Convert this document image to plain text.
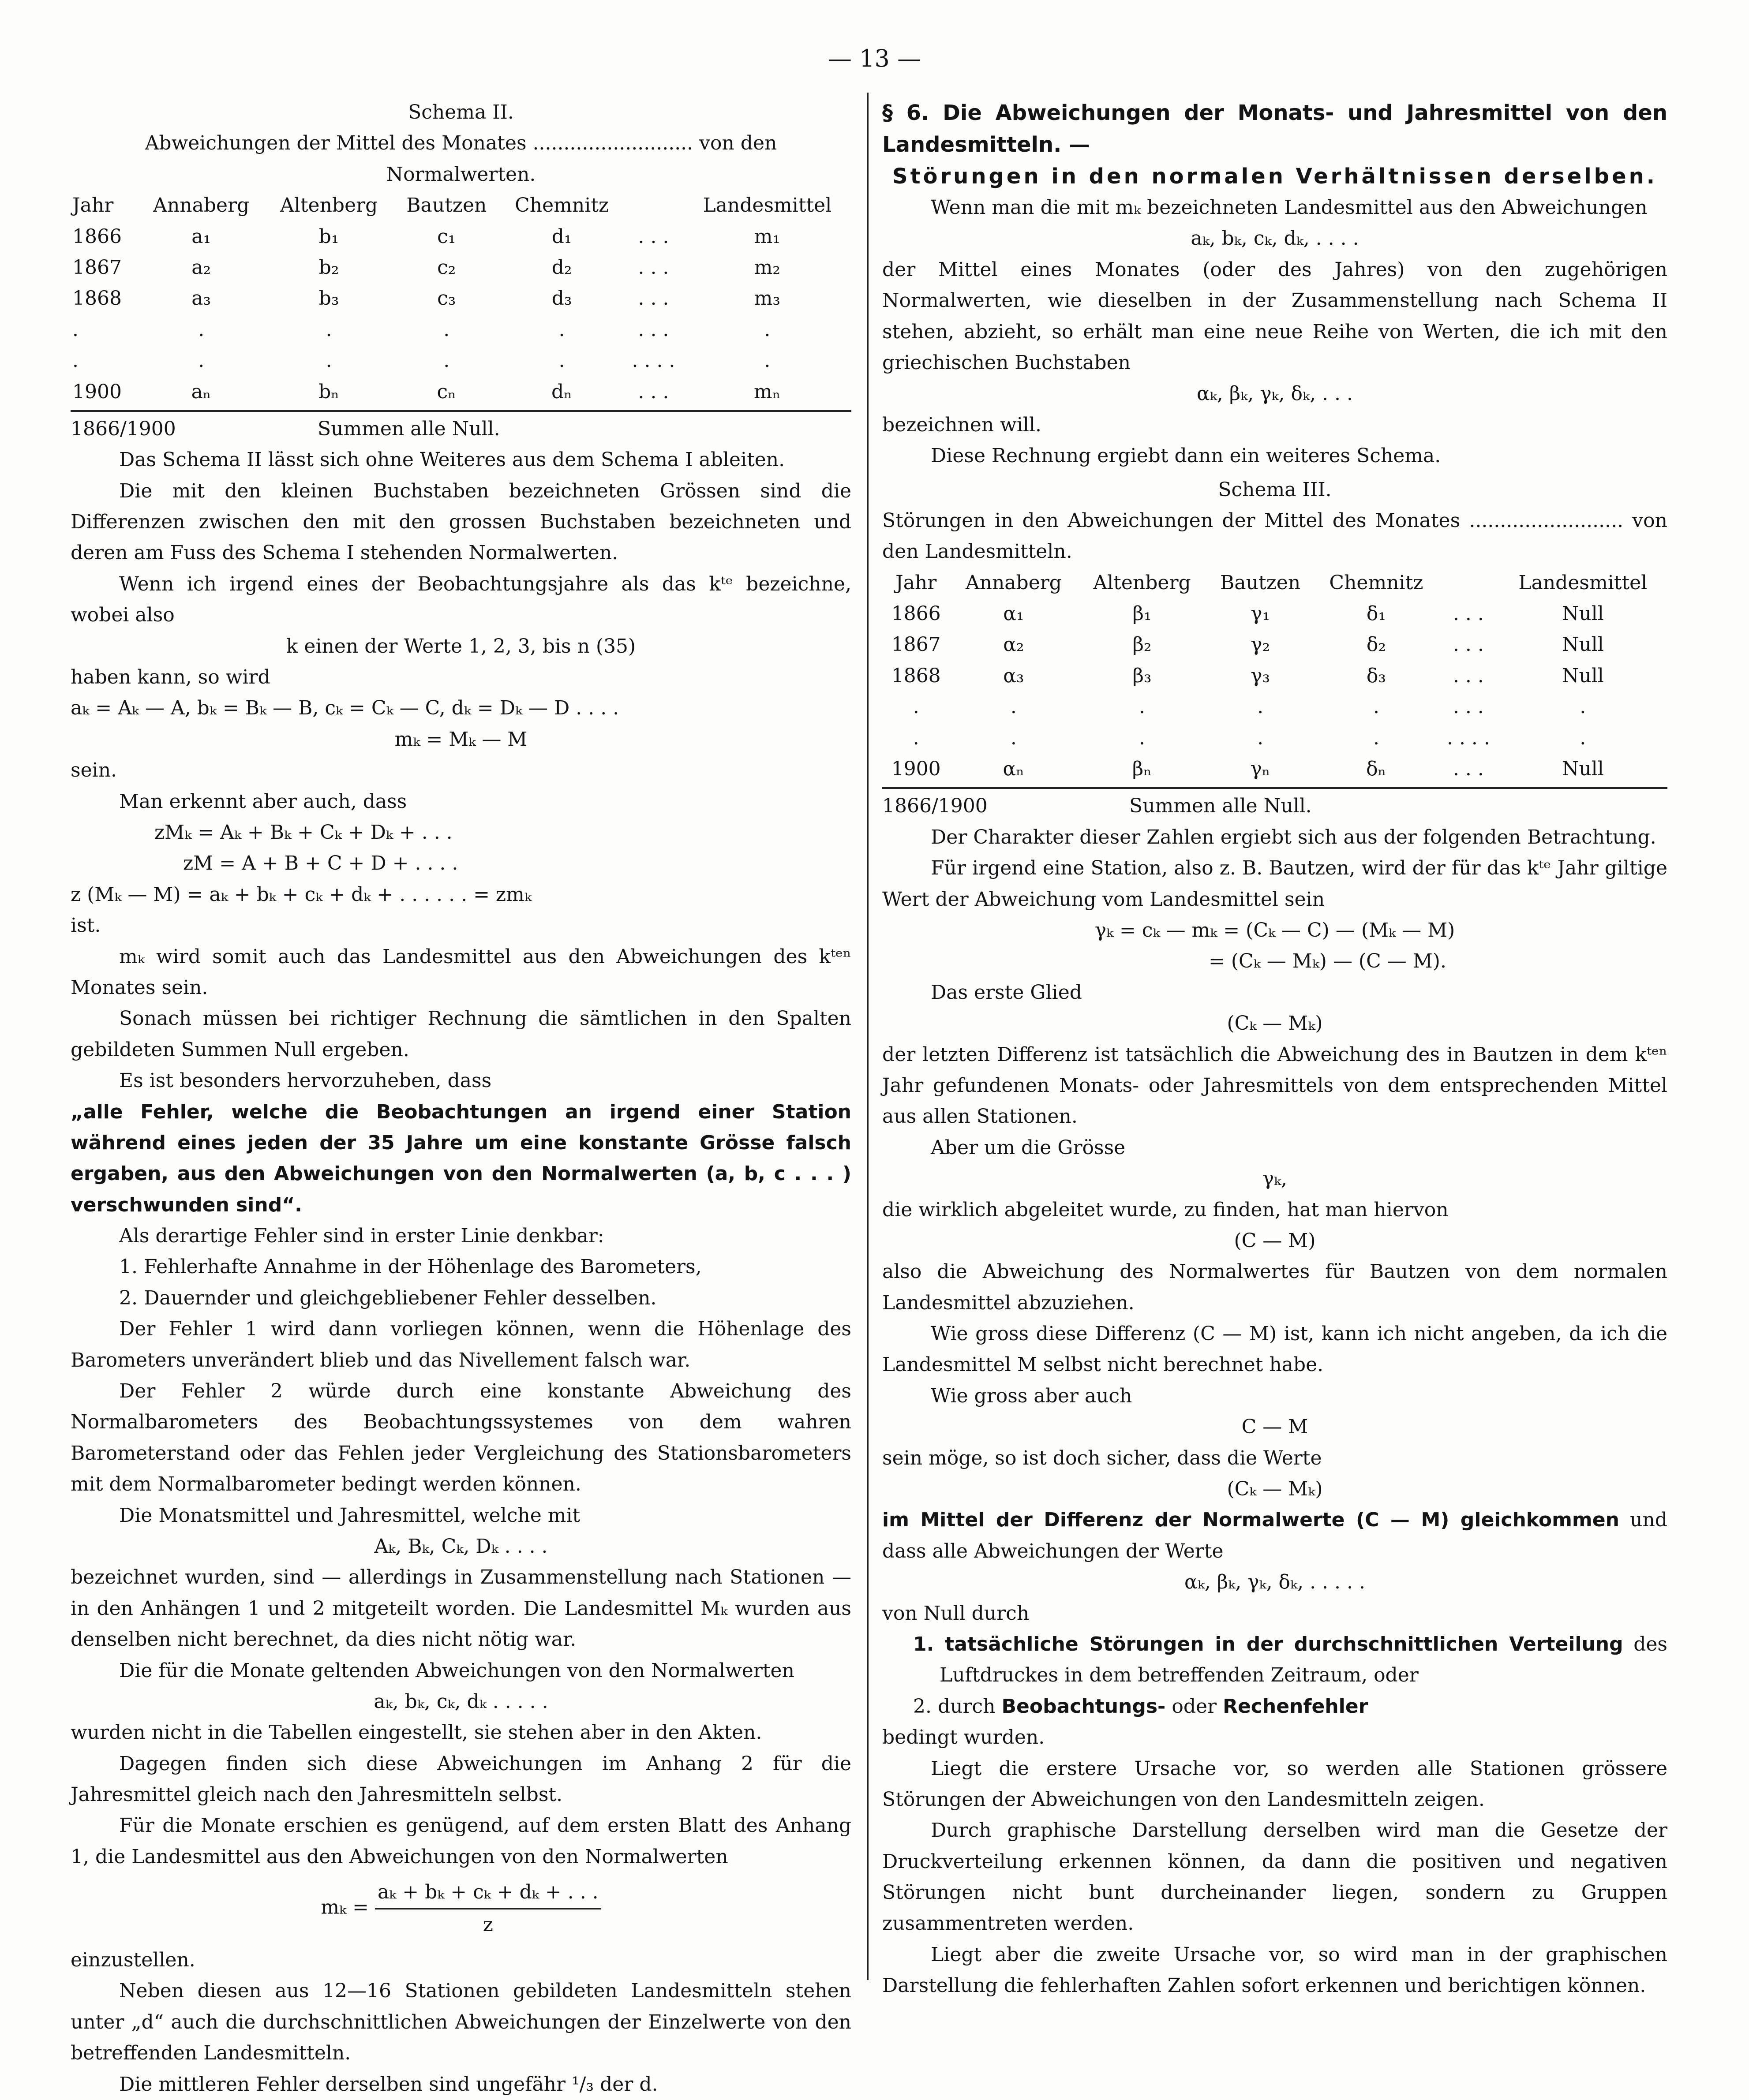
— 13 —

Schema II.

Abweichungen der Mittel des Monates .......................... von den Normalwerten.

Jahr	Annaberg	Altenberg	Bautzen	Chemnitz		Landesmittel
1866	a₁	b₁	c₁	d₁	. . .	m₁
1867	a₂	b₂	c₂	d₂	. . .	m₂
1868	a₃	b₃	c₃	d₃	. . .	m₃
.	.	.	.	.	. . .	.
.	.	.	.	.	. . . .	.
1900	aₙ	bₙ	cₙ	dₙ	. . .	mₙ
1866/1900	Summen alle Null.

Das Schema II lässt sich ohne Weiteres aus dem Schema I ableiten.

Die mit den kleinen Buchstaben bezeichneten Grössen sind die Differenzen zwischen den mit den grossen Buchstaben bezeichneten und deren am Fuss des Schema I stehenden Normalwerten.

Wenn ich irgend eines der Beobachtungsjahre als das kᵗᵉ bezeichne, wobei also

k einen der Werte 1, 2, 3, bis n (35)

haben kann, so wird

aₖ = Aₖ — A, bₖ = Bₖ — B, cₖ = Cₖ — C, dₖ = Dₖ — D . . . .

mₖ = Mₖ — M

sein.

Man erkennt aber auch, dass

zMₖ = Aₖ + Bₖ + Cₖ + Dₖ + . . .

zM = A + B + C + D + . . . .

z (Mₖ — M) = aₖ + bₖ + cₖ + dₖ + . . . . . . = zmₖ

ist.

mₖ wird somit auch das Landesmittel aus den Abweichungen des kᵗᵉⁿ Monates sein.

Sonach müssen bei richtiger Rechnung die sämtlichen in den Spalten gebildeten Summen Null ergeben.

Es ist besonders hervorzuheben, dass

„alle Fehler, welche die Beobachtungen an irgend einer Station während eines jeden der 35 Jahre um eine konstante Grösse falsch ergaben, aus den Abweichungen von den Normalwerten (a, b, c . . . ) verschwunden sind“.

Als derartige Fehler sind in erster Linie denkbar:

1. Fehlerhafte Annahme in der Höhenlage des Barometers,

2. Dauernder und gleichgebliebener Fehler desselben.

Der Fehler 1 wird dann vorliegen können, wenn die Höhenlage des Barometers unverändert blieb und das Nivellement falsch war.

Der Fehler 2 würde durch eine konstante Abweichung des Normalbarometers des Beobachtungssystemes von dem wahren Barometerstand oder das Fehlen jeder Vergleichung des Stationsbarometers mit dem Normalbarometer bedingt werden können.

Die Monatsmittel und Jahresmittel, welche mit

Aₖ, Bₖ, Cₖ, Dₖ . . . .

bezeichnet wurden, sind — allerdings in Zusammenstellung nach Stationen — in den Anhängen 1 und 2 mitgeteilt worden. Die Landesmittel Mₖ wurden aus denselben nicht berechnet, da dies nicht nötig war.

Die für die Monate geltenden Abweichungen von den Normalwerten

aₖ, bₖ, cₖ, dₖ . . . . .

wurden nicht in die Tabellen eingestellt, sie stehen aber in den Akten.

Dagegen finden sich diese Abweichungen im Anhang 2 für die Jahresmittel gleich nach den Jahresmitteln selbst.

Für die Monate erschien es genügend, auf dem ersten Blatt des Anhang 1, die Landesmittel aus den Abweichungen von den Normalwerten

$m_k = \frac{\text{aₖ + bₖ + cₖ + dₖ + . . .}}{z}$

einzustellen.

Neben diesen aus 12—16 Stationen gebildeten Landesmitteln stehen unter „d“ auch die durchschnittlichen Abweichungen der Einzelwerte von den betreffenden Landesmitteln.

Die mittleren Fehler derselben sind ungefähr ¹/₃ der d.

§ 6. Die Abweichungen der Monats- und Jahresmittel von den Landesmitteln. —

Störungen in den normalen Verhältnissen derselben.

Wenn man die mit mₖ bezeichneten Landesmittel aus den Abweichungen

aₖ, bₖ, cₖ, dₖ, . . . .

der Mittel eines Monates (oder des Jahres) von den zugehörigen Normalwerten, wie dieselben in der Zusammenstellung nach Schema II stehen, abzieht, so erhält man eine neue Reihe von Werten, die ich mit den griechischen Buchstaben

αₖ, βₖ, γₖ, δₖ, . . .

bezeichnen will.

Diese Rechnung ergiebt dann ein weiteres Schema.

Schema III.

Störungen in den Abweichungen der Mittel des Monates ......................... von den Landesmitteln.

Jahr	Annaberg	Altenberg	Bautzen	Chemnitz		Landesmittel
1866	α₁	β₁	γ₁	δ₁	. . .	Null
1867	α₂	β₂	γ₂	δ₂	. . .	Null
1868	α₃	β₃	γ₃	δ₃	. . .	Null
.	.	.	.	.	. . .	.
.	.	.	.	.	. . . .	.
1900	αₙ	βₙ	γₙ	δₙ	. . .	Null
1866/1900	Summen alle Null.

Der Charakter dieser Zahlen ergiebt sich aus der folgenden Betrachtung.

Für irgend eine Station, also z. B. Bautzen, wird der für das kᵗᵉ Jahr giltige Wert der Abweichung vom Landesmittel sein

γₖ = cₖ — mₖ = (Cₖ — C) — (Mₖ — M)

= (Cₖ — Mₖ) — (C — M).

Das erste Glied

(Cₖ — Mₖ)

der letzten Differenz ist tatsächlich die Abweichung des in Bautzen in dem kᵗᵉⁿ Jahr gefundenen Monats- oder Jahresmittels von dem entsprechenden Mittel aus allen Stationen.

Aber um die Grösse

γₖ,

die wirklich abgeleitet wurde, zu finden, hat man hiervon

(C — M)

also die Abweichung des Normalwertes für Bautzen von dem normalen Landesmittel abzuziehen.

Wie gross diese Differenz (C — M) ist, kann ich nicht angeben, da ich die Landesmittel M selbst nicht berechnet habe.

Wie gross aber auch

C — M

sein möge, so ist doch sicher, dass die Werte

(Cₖ — Mₖ)

im Mittel der Differenz der Normalwerte (C — M) gleichkommen und dass alle Abweichungen der Werte

αₖ, βₖ, γₖ, δₖ, . . . . .

von Null durch

1. tatsächliche Störungen in der durchschnittlichen Verteilung des Luftdruckes in dem betreffenden Zeitraum, oder

2. durch Beobachtungs- oder Rechenfehler

bedingt wurden.

Liegt die erstere Ursache vor, so werden alle Stationen grössere Störungen der Abweichungen von den Landesmitteln zeigen.

Durch graphische Darstellung derselben wird man die Gesetze der Druckverteilung erkennen können, da dann die positiven und negativen Störungen nicht bunt durcheinander liegen, sondern zu Gruppen zusammentreten werden.

Liegt aber die zweite Ursache vor, so wird man in der graphischen Darstellung die fehlerhaften Zahlen sofort erkennen und berichtigen können.
